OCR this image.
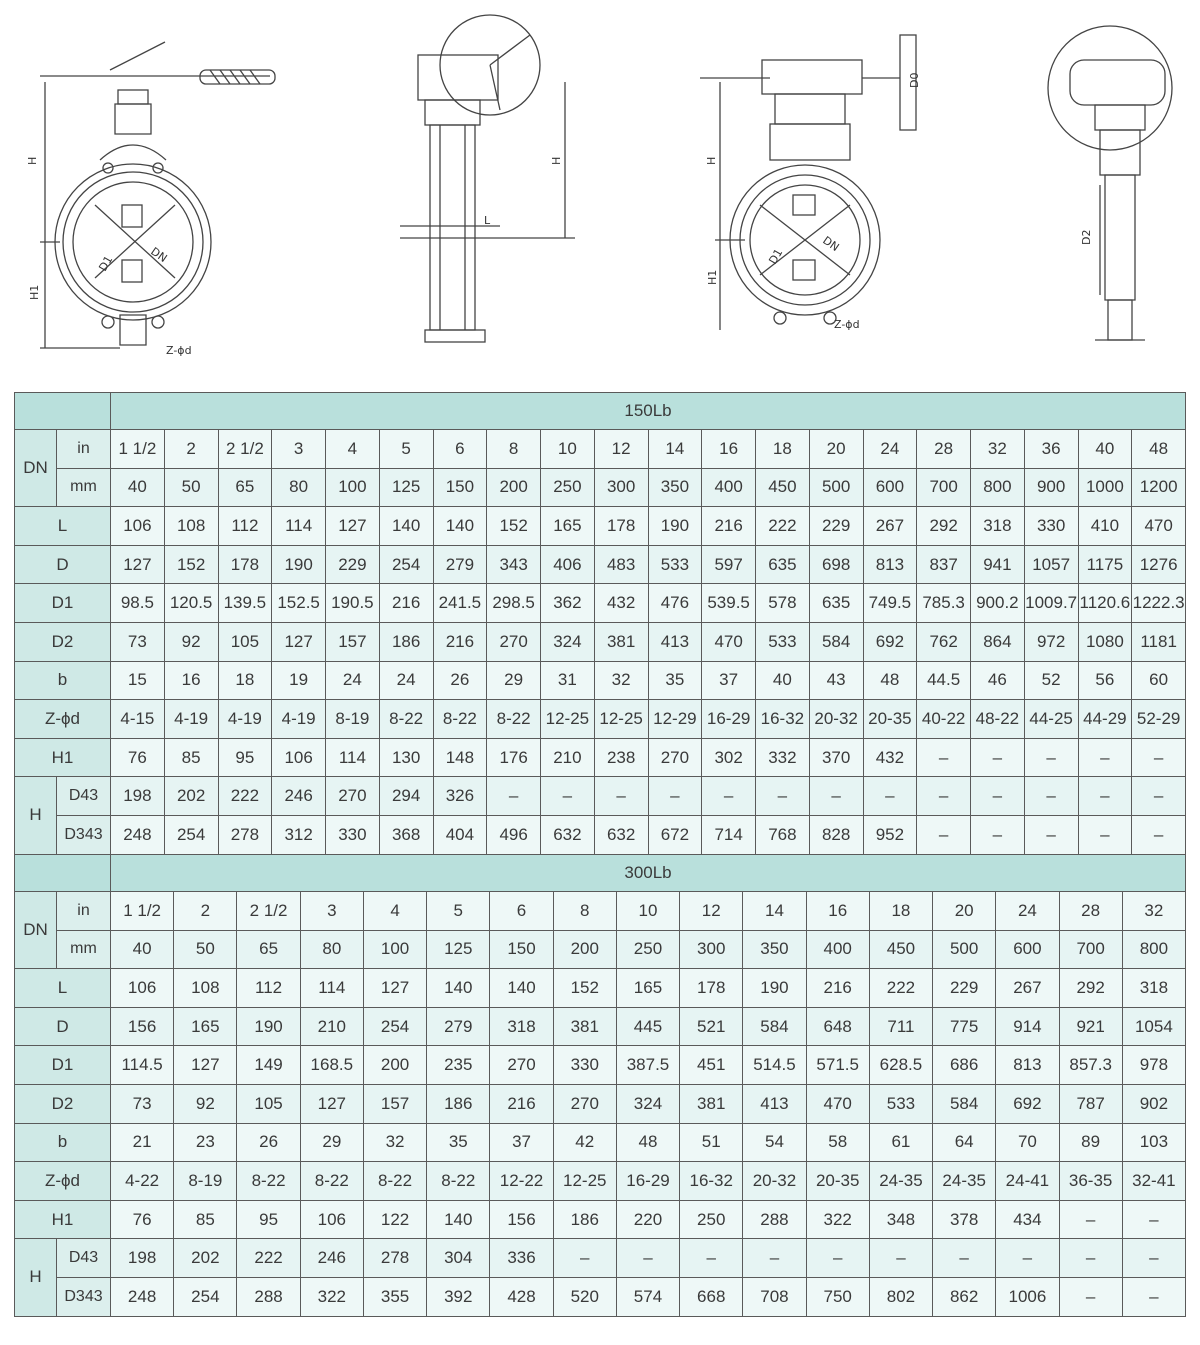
H
H1
D1	DN
Z-ϕd
H
L
H
H1
D1
DN
D0
Z-ϕd
D2
		150Lb																			
DN	in	1 1/2	2	2 1/2	3	4	5	6	8	10	12	14	16	18	20	24	28	32	36	40	48
	mm	40	50	65	80	100	125	150	200	250	300	350	400	450	500	600	700	800	900	1000	1200
L		106	108	112	114	127	140	140	152	165	178	190	216	222	229	267	292	318	330	410	470
D		127	152	178	190	229	254	279	343	406	483	533	597	635	698	813	837	941	1057	1175	1276
D1		98.5	120.5	139.5	152.5	190.5	216	241.5	298.5	362	432	476	539.5	578	635	749.5	785.3	900.2	1009.7	1120.6	1222.3
D2		73	92	105	127	157	186	216	270	324	381	413	470	533	584	692	762	864	972	1080	1181
b		15	16	18	19	24	24	26	29	31	32	35	37	40	43	48	44.5	46	52	56	60
Z-ϕd		4-15	4-19	4-19	4-19	8-19	8-22	8-22	8-22	12-25	12-25	12-29	16-29	16-32	20-32	20-35	40-22	48-22	44-25	44-29	52-29
H1		76	85	95	106	114	130	148	176	210	238	270	302	332	370	432	–	–	–	–	–
H	D43	198	202	222	246	270	294	326	–	–	–	–	–	–	–	–	–	–	–	–	–
	D343	248	254	278	312	330	368	404	496	632	632	672	714	768	828	952	–	–	–	–	–
		300Lb																
DN	in	1 1/2	2	2 1/2	3	4	5	6	8	10	12	14	16	18	20	24	28	32
	mm	40	50	65	80	100	125	150	200	250	300	350	400	450	500	600	700	800
L		106	108	112	114	127	140	140	152	165	178	190	216	222	229	267	292	318
D		156	165	190	210	254	279	318	381	445	521	584	648	711	775	914	921	1054
D1		114.5	127	149	168.5	200	235	270	330	387.5	451	514.5	571.5	628.5	686	813	857.3	978
D2		73	92	105	127	157	186	216	270	324	381	413	470	533	584	692	787	902
b		21	23	26	29	32	35	37	42	48	51	54	58	61	64	70	89	103
Z-ϕd		4-22	8-19	8-22	8-22	8-22	8-22	12-22	12-25	16-29	16-32	20-32	20-35	24-35	24-35	24-41	36-35	32-41
H1		76	85	95	106	122	140	156	186	220	250	288	322	348	378	434	–	–
H	D43	198	202	222	246	278	304	336	–	–	–	–	–	–	–	–	–	–
	D343	248	254	288	322	355	392	428	520	574	668	708	750	802	862	1006	–	–
